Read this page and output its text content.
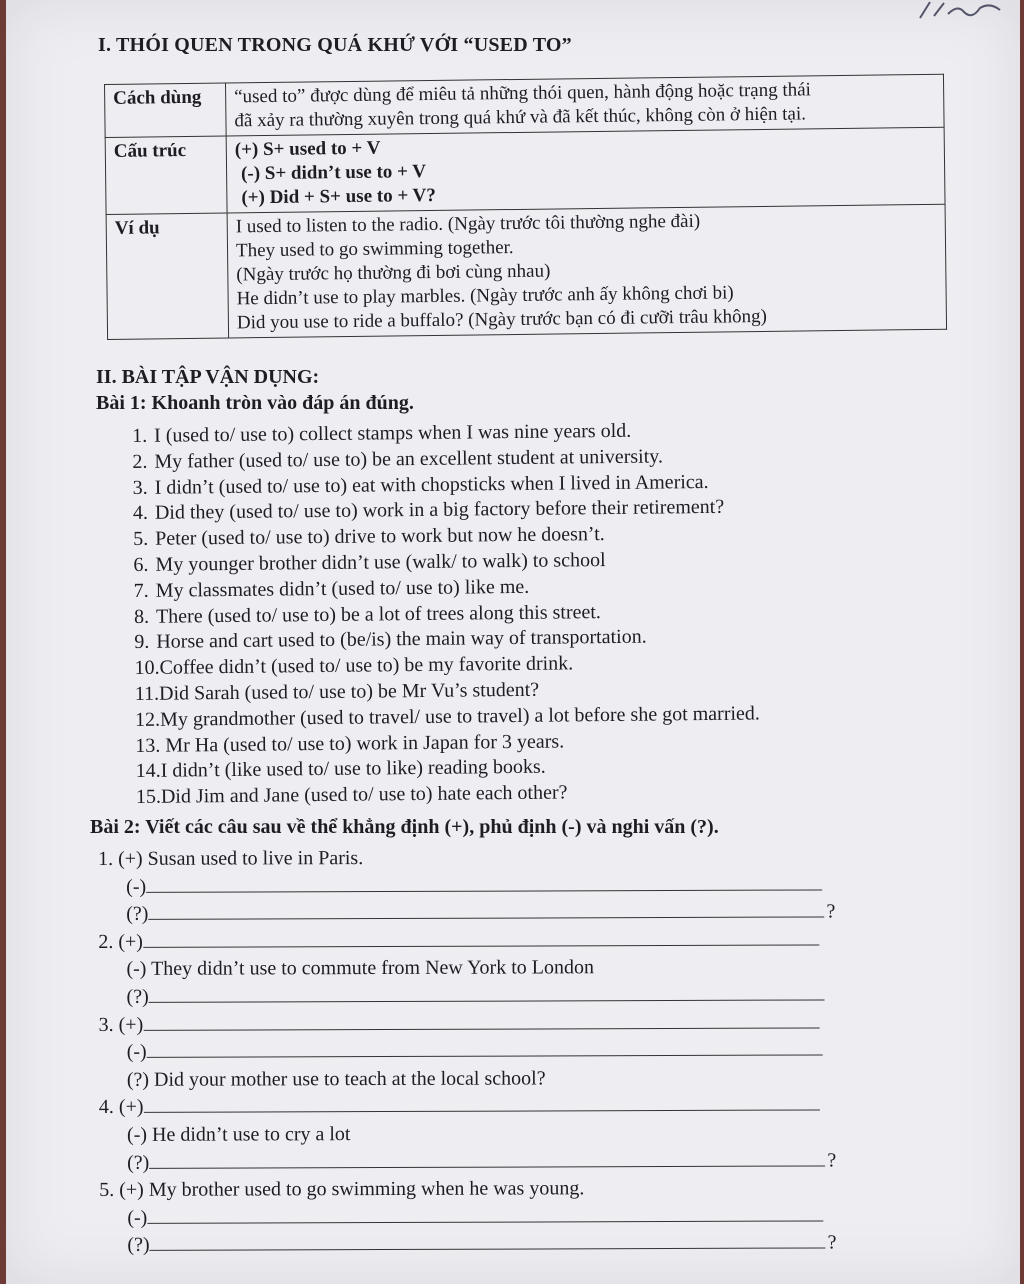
I. THÓI QUEN TRONG QUÁ KHỨ VỚI “USED TO”
Cách dùng	“used to” được dùng để miêu tả những thói quen, hành động hoặc trạng thái
đã xảy ra thường xuyên trong quá khứ và đã kết thúc, không còn ở hiện tại.

Cấu trúc	(+) S+ used to + V
(-) S+ didn’t use to + V
(+) Did + S+ use to + V?

Ví dụ	I used to listen to the radio. (Ngày trước tôi thường nghe đài)
They used to go swimming together.
(Ngày trước họ thường đi bơi cùng nhau)
He didn’t use to play marbles. (Ngày trước anh ấy không chơi bi)
Did you use to ride a buffalo? (Ngày trước bạn có đi cưỡi trâu không)
II. BÀI TẬP VẬN DỤNG:
Bài 1: Khoanh tròn vào đáp án đúng.
1. I (used to/ use to) collect stamps when I was nine years old.
2. My father (used to/ use to) be an excellent student at university.
3. I didn’t (used to/ use to) eat with chopsticks when I lived in America.
4. Did they (used to/ use to) work in a big factory before their retirement?
5. Peter (used to/ use to) drive to work but now he doesn’t.
6. My younger brother didn’t use (walk/ to walk) to school
7. My classmates didn’t (used to/ use to) like me.
8. There (used to/ use to) be a lot of trees along this street.
9. Horse and cart used to (be/is) the main way of transportation.
10.Coffee didn’t (used to/ use to) be my favorite drink.
11.Did Sarah (used to/ use to) be Mr Vu’s student?
12.My grandmother (used to travel/ use to travel) a lot before she got married.
13. Mr Ha (used to/ use to) work in Japan for 3 years.
14.I didn’t (like used to/ use to like) reading books.
15.Did Jim and Jane (used to/ use to) hate each other?
Bài 2: Viết các câu sau về thể khẳng định (+), phủ định (-) và nghi vấn (?).
1. (+) Susan used to live in Paris.
(-)
(?)	?
2. (+)
(-) They didn’t use to commute from New York to London
(?)
3. (+)
(-)
(?) Did your mother use to teach at the local school?
4. (+)
(-) He didn’t use to cry a lot
(?)	?
5. (+) My brother used to go swimming when he was young.
(-)
(?)	?
